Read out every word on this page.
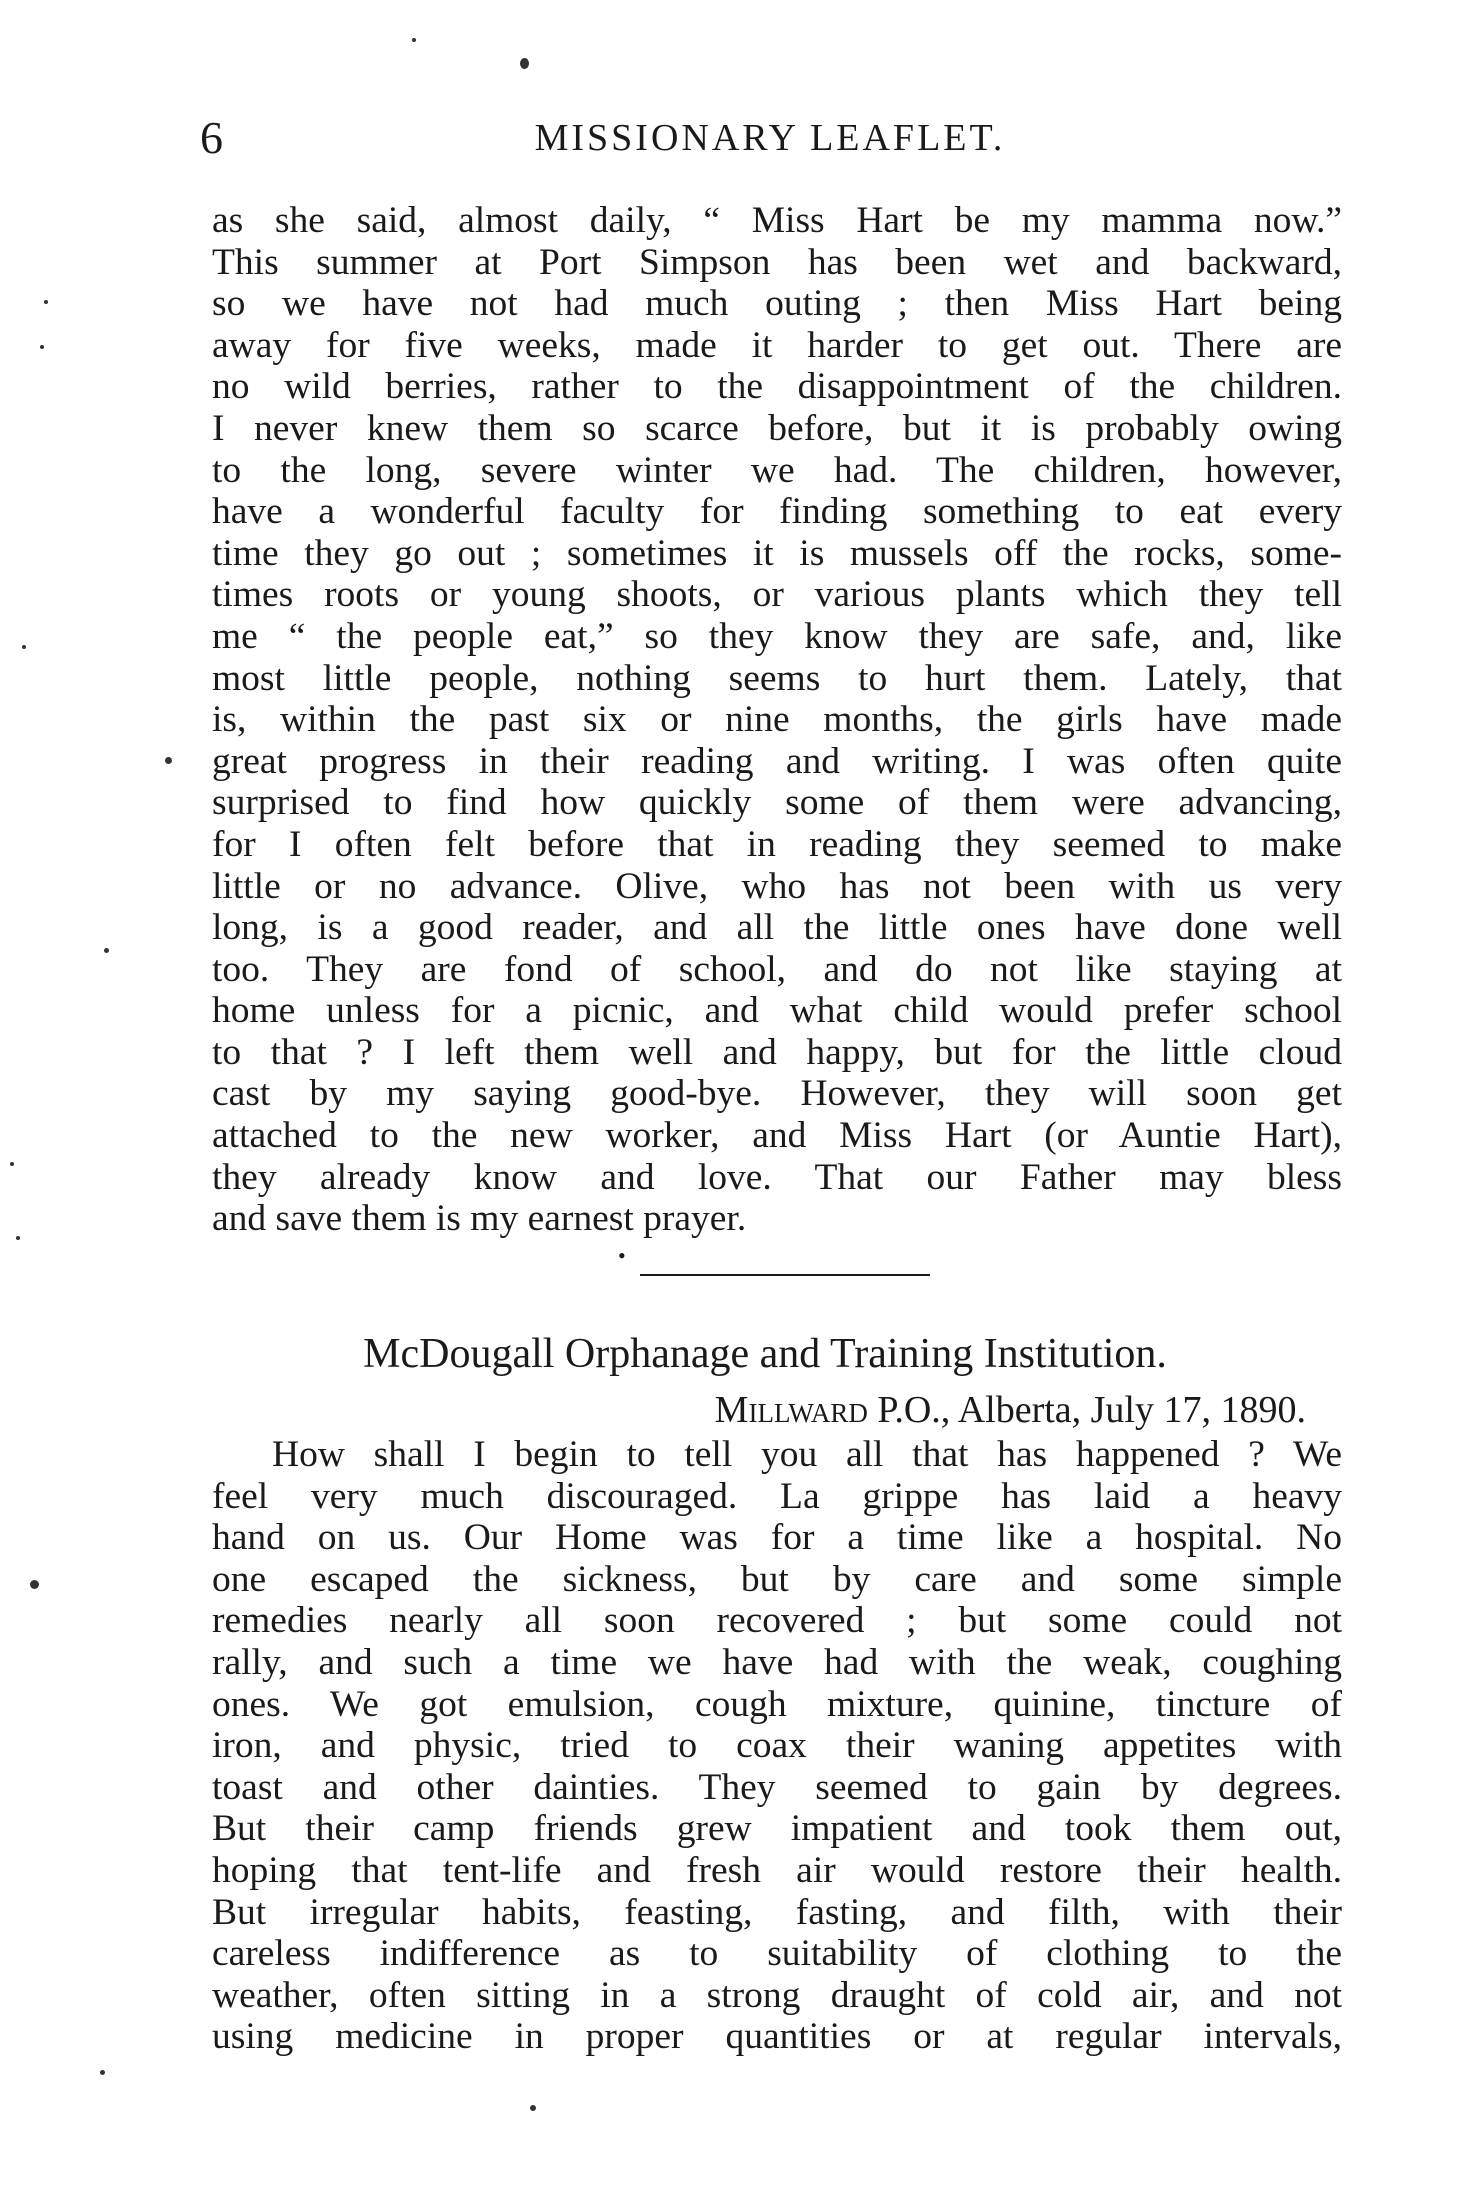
6	MISSIONARY LEAFLET.
as she said, almost daily, “ Miss Hart be my mamma now.”
This summer at Port Simpson has been wet and backward,
so we have not had much outing ; then Miss Hart being
away for five weeks, made it harder to get out. There are
no wild berries, rather to the disappointment of the children.
I never knew them so scarce before, but it is probably owing
to the long, severe winter we had. The children, however,
have a wonderful faculty for finding something to eat every
time they go out ; sometimes it is mussels off the rocks, some-
times roots or young shoots, or various plants which they tell
me “ the people eat,” so they know they are safe, and, like
most little people, nothing seems to hurt them. Lately, that
is, within the past six or nine months, the girls have made
great progress in their reading and writing. I was often quite
surprised to find how quickly some of them were advancing,
for I often felt before that in reading they seemed to make
little or no advance. Olive, who has not been with us very
long, is a good reader, and all the little ones have done well
too. They are fond of school, and do not like staying at
home unless for a picnic, and what child would prefer school
to that ? I left them well and happy, but for the little cloud
cast by my saying good-bye. However, they will soon get
attached to the new worker, and Miss Hart (or Auntie Hart),
they already know and love. That our Father may bless
and save them is my earnest prayer.
•
McDougall Orphanage and Training Institution.
Millward P.O., Alberta, July 17, 1890.
How shall I begin to tell you all that has happened ? We
feel very much discouraged. La grippe has laid a heavy
hand on us. Our Home was for a time like a hospital. No
one escaped the sickness, but by care and some simple
remedies nearly all soon recovered ; but some could not
rally, and such a time we have had with the weak, coughing
ones. We got emulsion, cough mixture, quinine, tincture of
iron, and physic, tried to coax their waning appetites with
toast and other dainties. They seemed to gain by degrees.
But their camp friends grew impatient and took them out,
hoping that tent-life and fresh air would restore their health.
But irregular habits, feasting, fasting, and filth, with their
careless indifference as to suitability of clothing to the
weather, often sitting in a strong draught of cold air, and not
using medicine in proper quantities or at regular intervals,
